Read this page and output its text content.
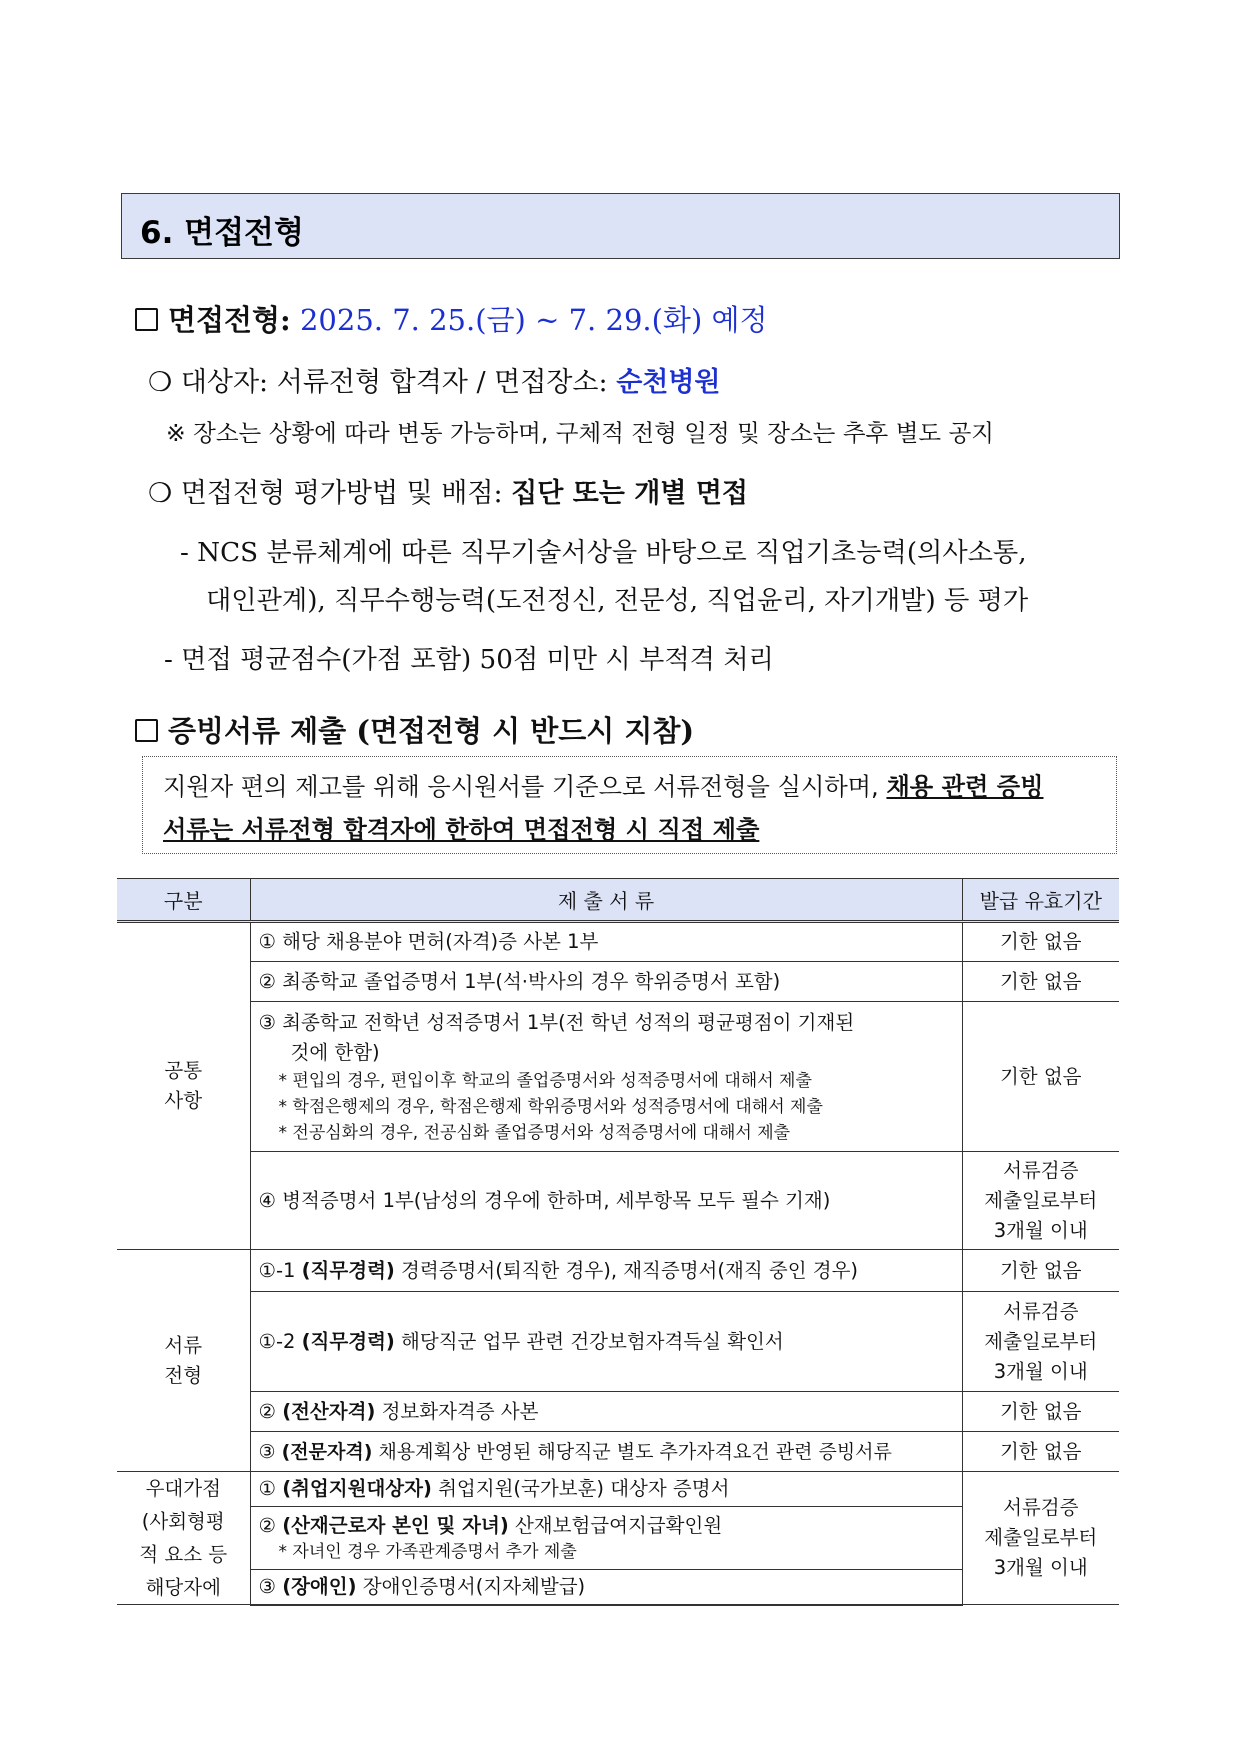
6. 면접전형
면접전형: 2025. 7. 25.(금) ~ 7. 29.(화) 예정
❍ 대상자: 서류전형 합격자 / 면접장소: 순천병원
※ 장소는 상황에 따라 변동 가능하며, 구체적 전형 일정 및 장소는 추후 별도 공지
❍ 면접전형 평가방법 및 배점: 집단 또는 개별 면접
- NCS 분류체계에 따른 직무기술서상을 바탕으로 직업기초능력(의사소통,
대인관계), 직무수행능력(도전정신, 전문성, 직업윤리, 자기개발) 등 평가
- 면접 평균점수(가점 포함) 50점 미만 시 부적격 처리
증빙서류 제출 (면접전형 시 반드시 지참)
지원자 편의 제고를 위해 응시원서를 기준으로 서류전형을 실시하며, 채용 관련 증빙
서류는 서류전형 합격자에 한하여 면접전형 시 직접 제출
구분	제 출 서 류	발급 유효기간
공통
사항	① 해당 채용분야 면허(자격)증 사본 1부	기한 없음
	② 최종학교 졸업증명서 1부(석·박사의 경우 학위증명서 포함)	기한 없음

	③ 최종학교 전학년 성적증명서 1부(전 학년 성적의 평균평점이 기재된
것에 한함)
* 편입의 경우, 편입이후 학교의 졸업증명서와 성적증명서에 대해서 제출
* 학점은행제의 경우, 학점은행제 학위증명서와 성적증명서에 대해서 제출
* 전공심화의 경우, 전공심화 졸업증명서와 성적증명서에 대해서 제출	기한 없음
	④ 병적증명서 1부(남성의 경우에 한하며, 세부항목 모두 필수 기재)	서류검증
제출일로부터
3개월 이내
서류
전형	①-1 (직무경력) 경력증명서(퇴직한 경우), 재직증명서(재직 중인 경우)	기한 없음
	①-2 (직무경력) 해당직군 업무 관련 건강보험자격득실 확인서	서류검증
제출일로부터
3개월 이내
	② (전산자격) 정보화자격증 사본	기한 없음
	③ (전문자격) 채용계획상 반영된 해당직군 별도 추가자격요건 관련 증빙서류	기한 없음
우대가점
(사회형평
적 요소 등
해당자에	① (취업지원대상자) 취업지원(국가보훈) 대상자 증명서	서류검증
제출일로부터
3개월 이내
	② (산재근로자 본인 및 자녀) 산재보험급여지급확인원
* 자녀인 경우 가족관계증명서 추가 제출	

	③ (장애인) 장애인증명서(지자체발급)	
